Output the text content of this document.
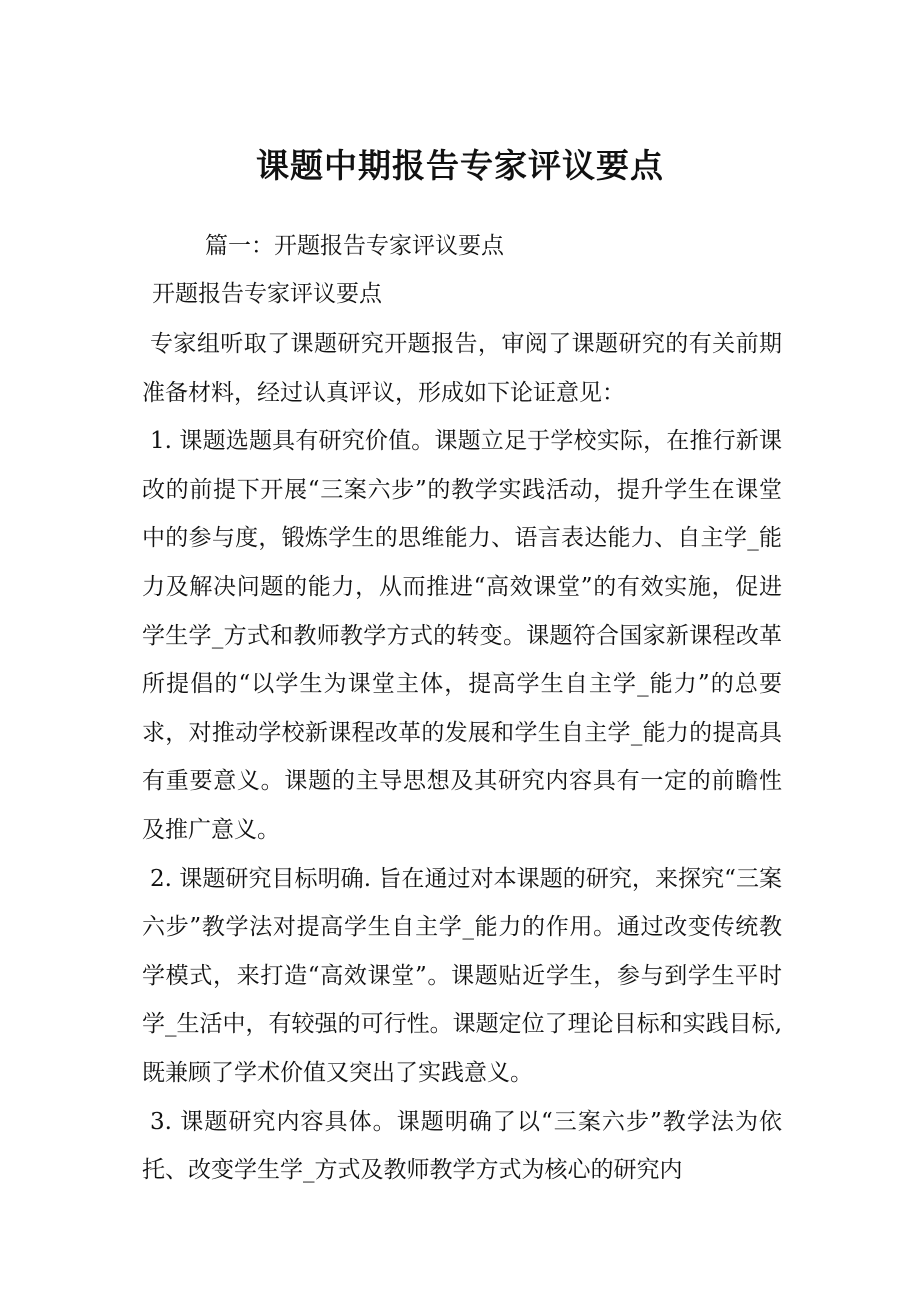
课题中期报告专家评议要点

篇一：开题报告专家评议要点

开题报告专家评议要点

专家组听取了课题研究开题报告，审阅了课题研究的有关前期准备材料，经过认真评议，形成如下论证意见：

1. 课题选题具有研究价值。课题立足于学校实际，在推行新课改的前提下开展“三案六步”的教学实践活动，提升学生在课堂中的参与度，锻炼学生的思维能力、语言表达能力、自主学_能力及解决问题的能力，从而推进“高效课堂”的有效实施，促进学生学_方式和教师教学方式的转变。课题符合国家新课程改革所提倡的“以学生为课堂主体，提高学生自主学_能力”的总要求，对推动学校新课程改革的发展和学生自主学_能力的提高具有重要意义。课题的主导思想及其研究内容具有一定的前瞻性及推广意义。

2. 课题研究目标明确. 旨在通过对本课题的研究，来探究“三案六步”教学法对提高学生自主学_能力的作用。通过改变传统教学模式，来打造“高效课堂”。课题贴近学生，参与到学生平时学_生活中，有较强的可行性。课题定位了理论目标和实践目标,既兼顾了学术价值又突出了实践意义。

3. 课题研究内容具体。课题明确了以“三案六步”教学法为依托、改变学生学_方式及教师教学方式为核心的研究内
